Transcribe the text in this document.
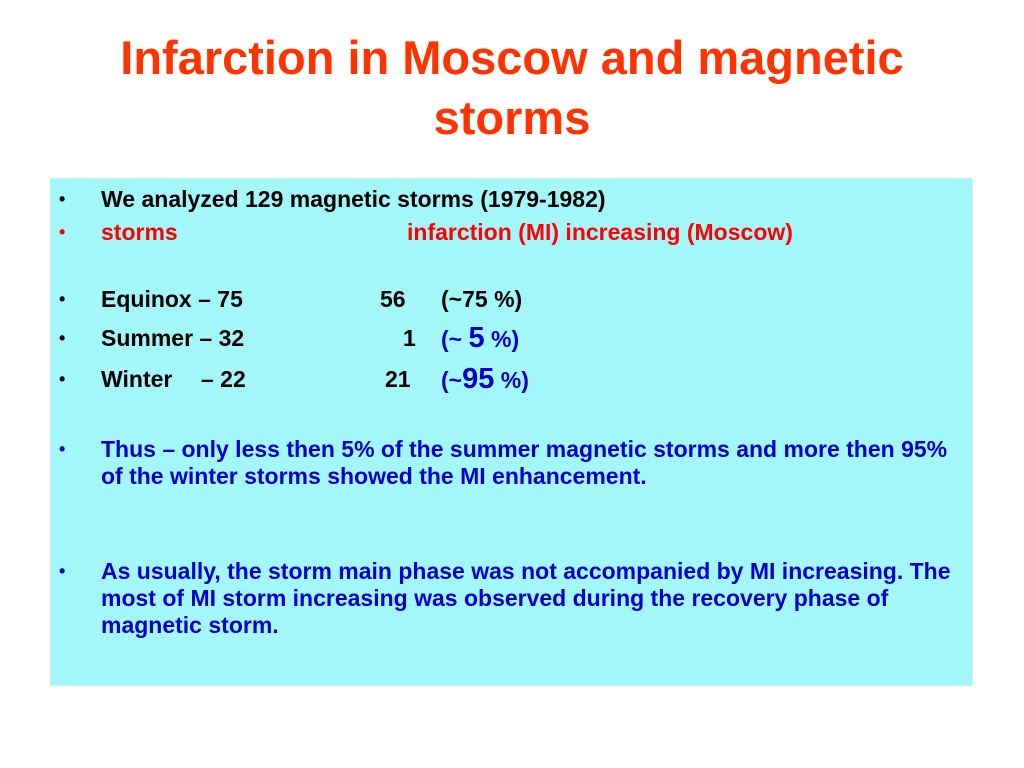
Infarction in Moscow and magnetic
storms
• We analyzed 129 magnetic storms (1979-1982)
• storms	infarction (MI) increasing (Moscow)
• Equinox – 75	56 (~75 %)
• Summer – 32	1 (~ 5 %)
• Winter – 22	21 (~95 %)
• Thus – only less then 5% of the summer magnetic storms and more then 95% of the winter storms showed the MI enhancement.
• As usually, the storm main phase was not accompanied by MI increasing. The most of MI storm increasing was observed during the recovery phase of magnetic storm.
